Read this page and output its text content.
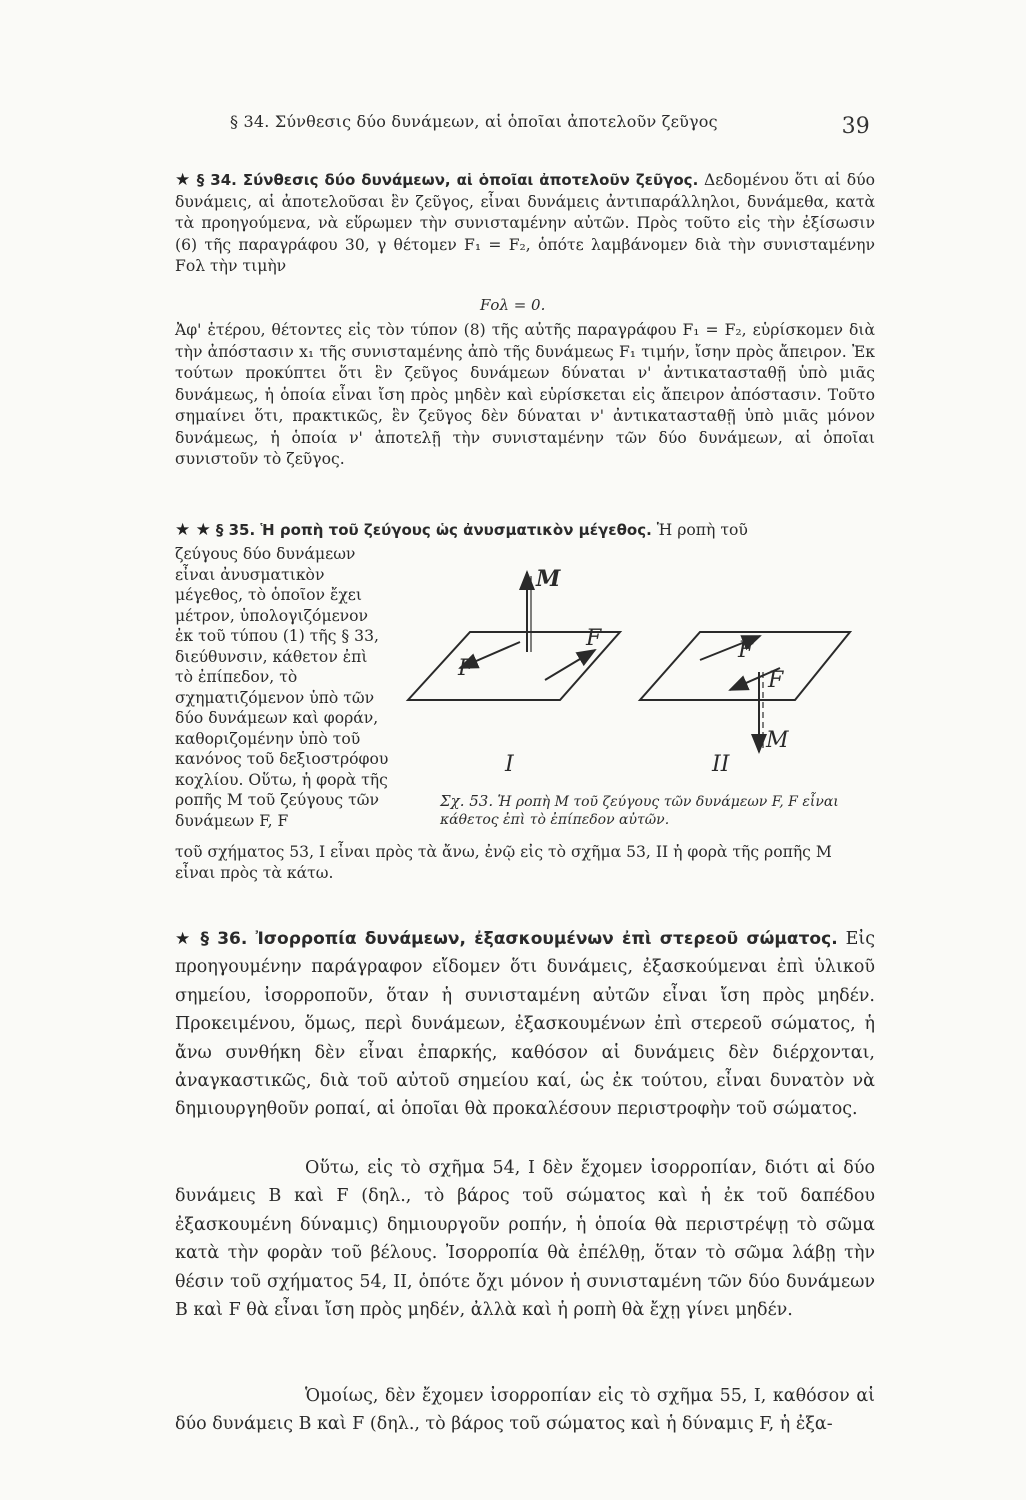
§ 34. Σύνθεσις δύο δυνάμεων, αἱ ὁποῖαι ἀποτελοῦν ζεῦγος	39
★ § 34. Σύνθεσις δύο δυνάμεων, αἱ ὁποῖαι ἀποτελοῦν ζεῦγος. Δεδομένου ὅτι αἱ δύο δυνάμεις, αἱ ἀποτελοῦσαι ἓν ζεῦγος, εἶναι δυνάμεις ἀντιπαράλληλοι, δυνάμεθα, κατὰ τὰ προηγούμενα, νὰ εὕρωμεν τὴν συνισταμένην αὐτῶν. Πρὸς τοῦτο εἰς τὴν ἐξίσωσιν (6) τῆς παραγράφου 30, γ θέτομεν F₁ = F₂, ὁπότε λαμβάνομεν διὰ τὴν συνισταμένην Fολ τὴν τιμὴν
Fολ = 0.
Ἀφ' ἑτέρου, θέτοντες εἰς τὸν τύπον (8) τῆς αὐτῆς παραγράφου F₁ = F₂, εὑρίσκομεν διὰ τὴν ἀπόστασιν x₁ τῆς συνισταμένης ἀπὸ τῆς δυνάμεως F₁ τιμήν, ἴσην πρὸς ἄπειρον. Ἐκ τούτων προκύπτει ὅτι ἓν ζεῦγος δυνάμεων δύναται ν' ἀντικατασταθῇ ὑπὸ μιᾶς δυνάμεως, ἡ ὁποία εἶναι ἴση πρὸς μηδὲν καὶ εὑρίσκεται εἰς ἄπειρον ἀπόστασιν. Τοῦτο σημαίνει ὅτι, πρακτικῶς, ἓν ζεῦγος δὲν δύναται ν' ἀντικατασταθῇ ὑπὸ μιᾶς μόνον δυνάμεως, ἡ ὁποία ν' ἀποτελῇ τὴν συνισταμένην τῶν δύο δυνάμεων, αἱ ὁποῖαι συνιστοῦν τὸ ζεῦγος.
★ ★ § 35. Ἡ ροπὴ τοῦ ζεύγους ὡς ἀνυσματικὸν μέγεθος. Ἡ ροπὴ τοῦ
ζεύγους δύο δυνάμεων εἶναι ἀνυσματικὸν μέγεθος, τὸ ὁποῖον ἔχει μέτρον, ὑπολογιζόμενον ἐκ τοῦ τύπου (1) τῆς § 33, διεύθυνσιν, κάθετον ἐπὶ τὸ ἐπίπεδον, τὸ σχηματιζόμενον ὑπὸ τῶν δύο δυνάμεων καὶ φοράν, καθοριζομένην ὑπὸ τοῦ κανόνος τοῦ δεξιοστρόφου κοχλίου. Οὕτω, ἡ φορὰ τῆς ροπῆς M τοῦ ζεύγους τῶν δυνάμεων F, F
τοῦ σχήματος 53, I εἶναι πρὸς τὰ ἄνω, ἐνῷ εἰς τὸ σχῆμα 53, II ἡ φορὰ τῆς ροπῆς M εἶναι πρὸς τὰ κάτω.
M
F
F
F
F
M
I	II
Σχ. 53. Ἡ ροπὴ M τοῦ ζεύγους τῶν δυνάμεων F, F εἶναι κάθετος ἐπὶ τὸ ἐπίπεδον αὐτῶν.
★ § 36. Ἰσορροπία δυνάμεων, ἐξασκουμένων ἐπὶ στερεοῦ σώματος. Εἰς προηγουμένην παράγραφον εἴδομεν ὅτι δυνάμεις, ἐξασκούμεναι ἐπὶ ὑλικοῦ σημείου, ἰσορροποῦν, ὅταν ἡ συνισταμένη αὐτῶν εἶναι ἴση πρὸς μηδέν. Προκειμένου, ὅμως, περὶ δυνάμεων, ἐξασκουμένων ἐπὶ στερεοῦ σώματος, ἡ ἄνω συνθήκη δὲν εἶναι ἐπαρκής, καθόσον αἱ δυνάμεις δὲν διέρχονται, ἀναγκαστικῶς, διὰ τοῦ αὐτοῦ σημείου καί, ὡς ἐκ τούτου, εἶναι δυνατὸν νὰ δημιουργηθοῦν ροπαί, αἱ ὁποῖαι θὰ προκαλέσουν περιστροφὴν τοῦ σώματος.
Οὕτω, εἰς τὸ σχῆμα 54, I δὲν ἔχομεν ἰσορροπίαν, διότι αἱ δύο δυνάμεις B καὶ F (δηλ., τὸ βάρος τοῦ σώματος καὶ ἡ ἐκ τοῦ δαπέδου ἐξασκουμένη δύναμις) δημιουργοῦν ροπήν, ἡ ὁποία θὰ περιστρέψῃ τὸ σῶμα κατὰ τὴν φορὰν τοῦ βέλους. Ἰσορροπία θὰ ἐπέλθῃ, ὅταν τὸ σῶμα λάβῃ τὴν θέσιν τοῦ σχήματος 54, II, ὁπότε ὄχι μόνον ἡ συνισταμένη τῶν δύο δυνάμεων B καὶ F θὰ εἶναι ἴση πρὸς μηδέν, ἀλλὰ καὶ ἡ ροπὴ θὰ ἔχῃ γίνει μηδέν.
Ὁμοίως, δὲν ἔχομεν ἰσορροπίαν εἰς τὸ σχῆμα 55, I, καθόσον αἱ δύο δυνάμεις B καὶ F (δηλ., τὸ βάρος τοῦ σώματος καὶ ἡ δύναμις F, ἡ ἐξα-
